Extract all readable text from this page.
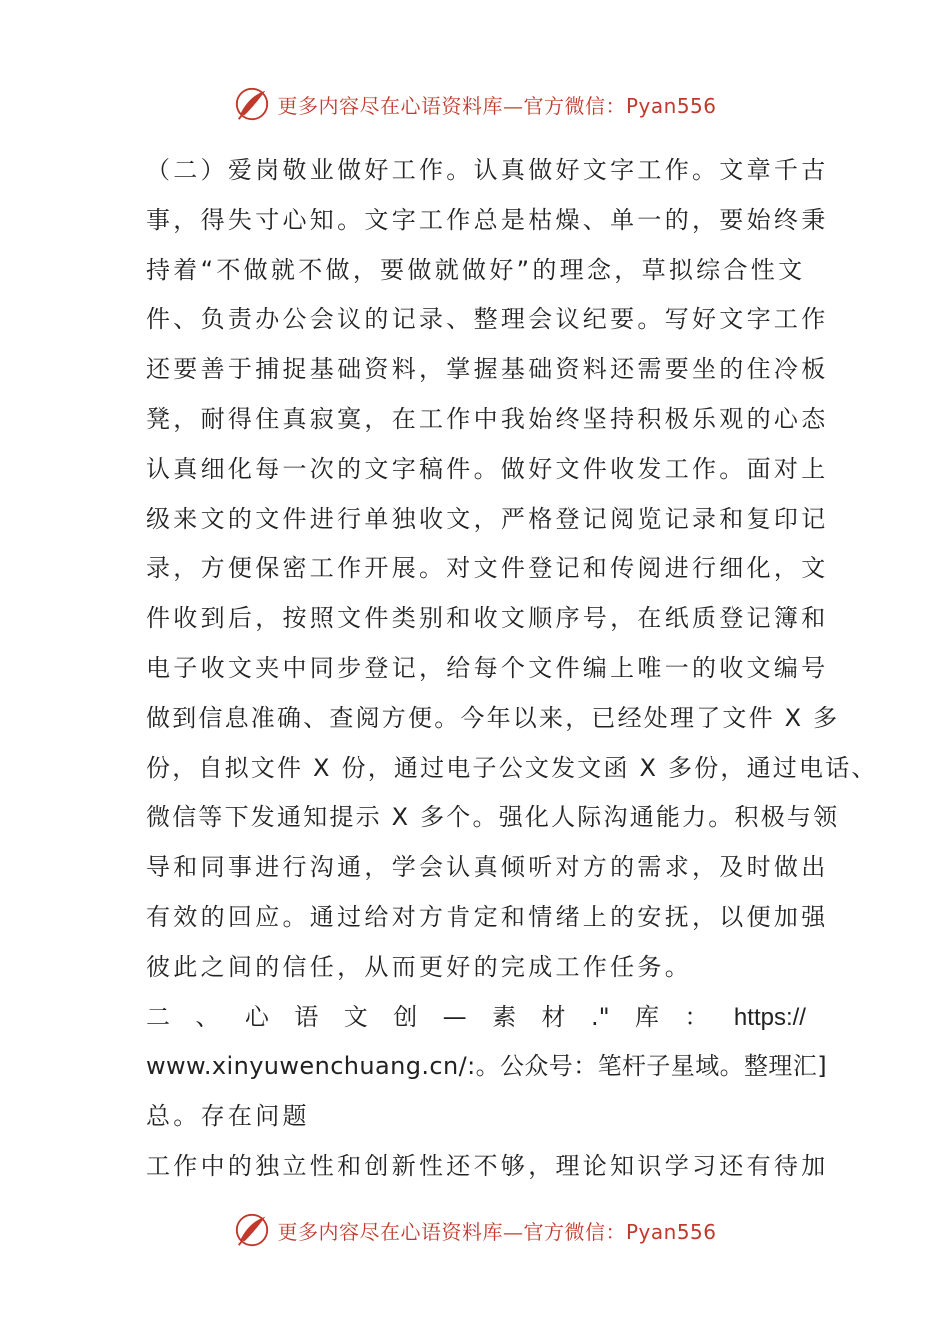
更多内容尽在心语资料库—官方微信：Pyan556
（二）爱岗敬业做好工作。认真做好文字工作。文章千古
事，得失寸心知。文字工作总是枯燥、单一的，要始终秉
持着“不做就不做，要做就做好”的理念，草拟综合性文
件、负责办公会议的记录、整理会议纪要。写好文字工作
还要善于捕捉基础资料，掌握基础资料还需要坐的住冷板
凳，耐得住真寂寞，在工作中我始终坚持积极乐观的心态
认真细化每一次的文字稿件。做好文件收发工作。面对上
级来文的文件进行单独收文，严格登记阅览记录和复印记
录，方便保密工作开展。对文件登记和传阅进行细化，文
件收到后，按照文件类别和收文顺序号，在纸质登记簿和
电子收文夹中同步登记，给每个文件编上唯一的收文编号
做到信息准确、查阅方便。今年以来，已经处理了文件 X 多
份，自拟文件 X 份，通过电子公文发文函 X 多份，通过电话、
微信等下发通知提示 X 多个。强化人际沟通能力。积极与领
导和同事进行沟通，学会认真倾听对方的需求，及时做出
有效的回应。通过给对方肯定和情绪上的安抚，以便加强
彼此之间的信任，从而更好的完成工作任务。
二 、 心 语 文 创 — 素 材 ." 库 ： https://
www.xinyuwenchuang.cn/:。公众号：笔杆子星域。整理汇]
总。存在问题
工作中的独立性和创新性还不够，理论知识学习还有待加
更多内容尽在心语资料库—官方微信：Pyan556
